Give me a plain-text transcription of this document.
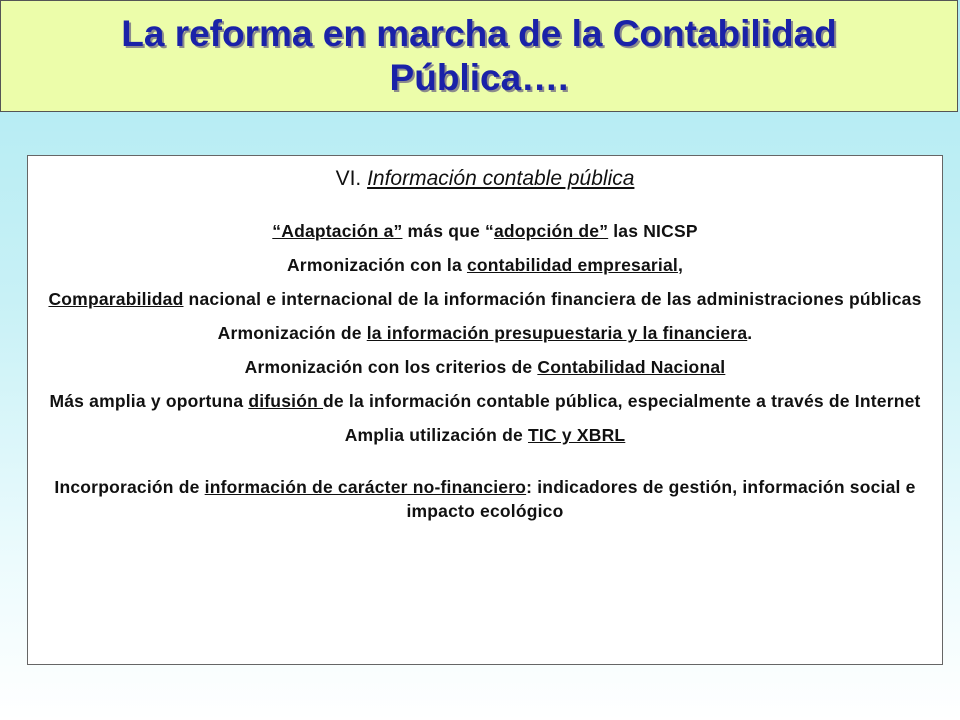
La reforma en marcha de la Contabilidad
Pública….
VI. Información contable pública
“Adaptación a” más que “adopción de” las NICSP
Armonización con la contabilidad empresarial,
Comparabilidad nacional e internacional de la información financiera de las administraciones públicas
Armonización de la información presupuestaria y la financiera.
Armonización con los criterios de Contabilidad Nacional
Más amplia y oportuna difusión de la información contable pública, especialmente a través de Internet
Amplia utilización de TIC y XBRL
Incorporación de información de carácter no-financiero: indicadores de gestión, información social e impacto ecológico
